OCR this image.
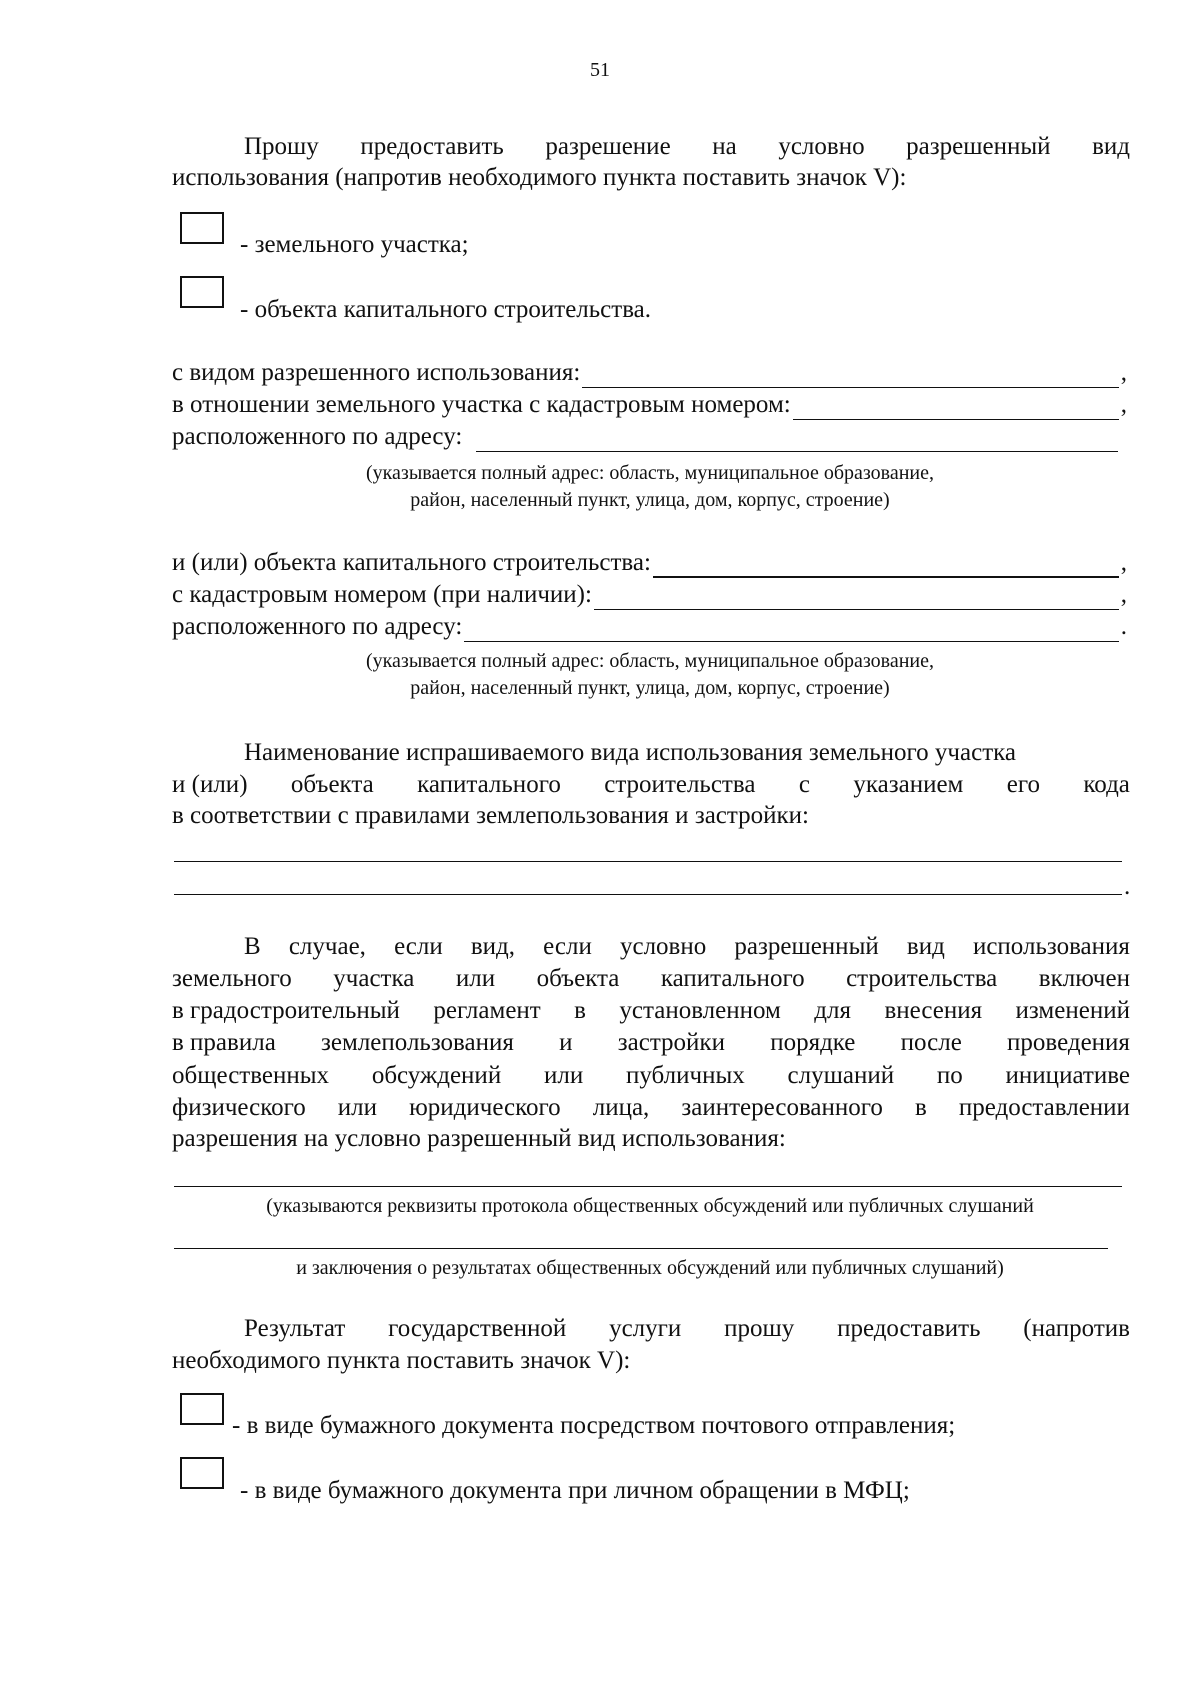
51
Прошу предоставить разрешение на условно разрешенный вид
использования (напротив необходимого пункта поставить значок V):
- земельного участка;
- объекта капитального строительства.
с видом разрешенного использования:	,
в отношении земельного участка с кадастровым номером:	,
расположенного по адресу:
(указывается полный адрес: область, муниципальное образование,
район, населенный пункт, улица, дом, корпус, строение)
и (или) объекта капитального строительства:	,
с кадастровым номером (при наличии):	,
расположенного по адресу:	.
(указывается полный адрес: область, муниципальное образование,
район, населенный пункт, улица, дом, корпус, строение)
Наименование испрашиваемого вида использования земельного участка
и (или) объекта капитального строительства с указанием его кода
в соответствии с правилами землепользования и застройки:
.
В случае, если вид, если условно разрешенный вид использования
земельного участка или объекта капитального строительства включен
в градостроительный регламент в установленном для внесения изменений
в правила землепользования и застройки порядке после проведения
общественных обсуждений или публичных слушаний по инициативе
физического или юридического лица, заинтересованного в предоставлении
разрешения на условно разрешенный вид использования:
(указываются реквизиты протокола общественных обсуждений или публичных слушаний
и заключения о результатах общественных обсуждений или публичных слушаний)
Результат государственной услуги прошу предоставить (напротив
необходимого пункта поставить значок V):
- в виде бумажного документа посредством почтового отправления;
- в виде бумажного документа при личном обращении в МФЦ;
